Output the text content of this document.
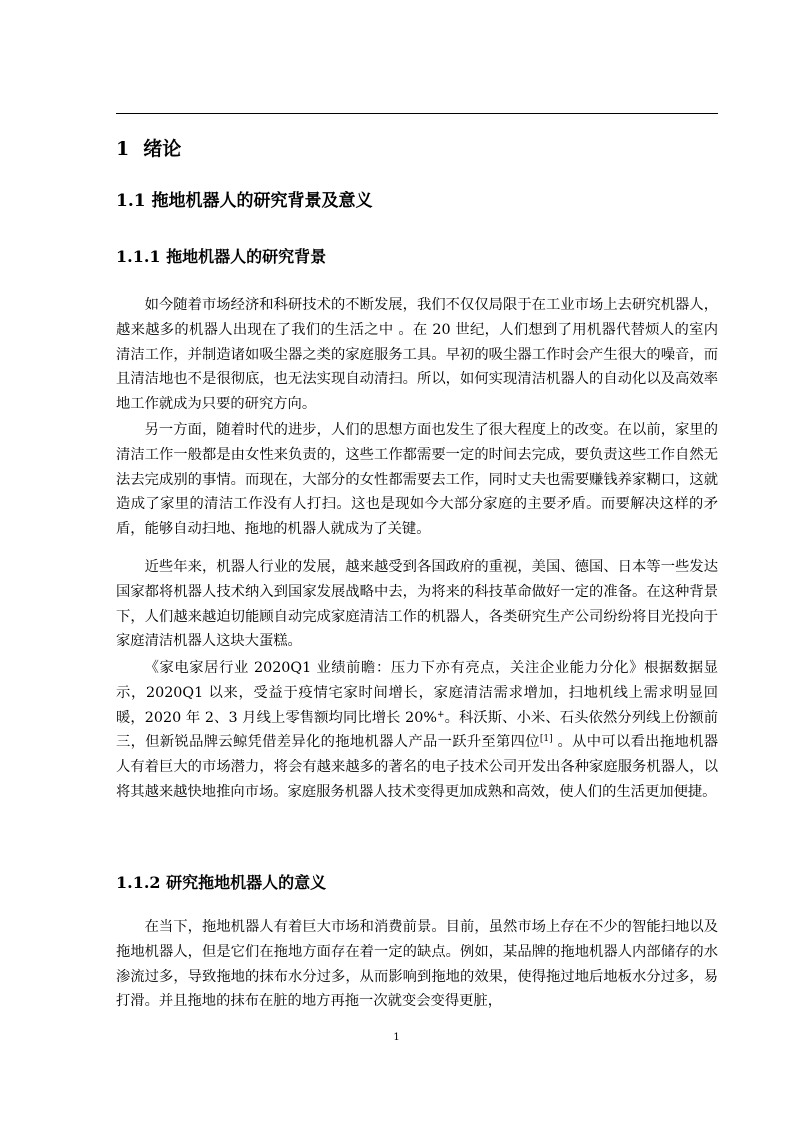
1 绪论
1.1 拖地机器人的研究背景及意义
1.1.1 拖地机器人的研究背景

如今随着市场经济和科研技术的不断发展，我们不仅仅局限于在工业市场上去研究机器人，越来越多的机器人出现在了我们的生活之中 。在 20 世纪，人们想到了用机器代替烦人的室内清洁工作，并制造诸如吸尘器之类的家庭服务工具。早初的吸尘器工作时会产生很大的噪音，而且清洁地也不是很彻底，也无法实现自动清扫。所以，如何实现清洁机器人的自动化以及高效率地工作就成为只要的研究方向。

另一方面，随着时代的进步，人们的思想方面也发生了很大程度上的改变。在以前，家里的清洁工作一般都是由女性来负责的，这些工作都需要一定的时间去完成，要负责这些工作自然无法去完成别的事情。而现在，大部分的女性都需要去工作，同时丈夫也需要赚钱养家糊口，这就造成了家里的清洁工作没有人打扫。这也是现如今大部分家庭的主要矛盾。而要解决这样的矛盾，能够自动扫地、拖地的机器人就成为了关键。

近些年来，机器人行业的发展，越来越受到各国政府的重视，美国、德国、日本等一些发达国家都将机器人技术纳入到国家发展战略中去，为将来的科技革命做好一定的准备。在这种背景下，人们越来越迫切能顾自动完成家庭清洁工作的机器人，各类研究生产公司纷纷将目光投向于家庭清洁机器人这块大蛋糕。

《家电家居行业 2020Q1 业绩前瞻：压力下亦有亮点，关注企业能力分化》根据数据显示，2020Q1 以来，受益于疫情宅家时间增长，家庭清洁需求增加，扫地机线上需求明显回暖，2020 年 2、3 月线上零售额均同比增长 20%+。科沃斯、小米、石头依然分列线上份额前三，但新锐品牌云鲸凭借差异化的拖地机器人产品一跃升至第四位[1] 。从中可以看出拖地机器人有着巨大的市场潜力，将会有越来越多的著名的电子技术公司开发出各种家庭服务机器人，以将其越来越快地推向市场。家庭服务机器人技术变得更加成熟和高效，使人们的生活更加便捷。

1.1.2 研究拖地机器人的意义

在当下，拖地机器人有着巨大市场和消费前景。目前，虽然市场上存在不少的智能扫地以及拖地机器人，但是它们在拖地方面存在着一定的缺点。例如，某品牌的拖地机器人内部储存的水渗流过多，导致拖地的抹布水分过多，从而影响到拖地的效果，使得拖过地后地板水分过多，易打滑。并且拖地的抹布在脏的地方再拖一次就变会变得更脏，

1
